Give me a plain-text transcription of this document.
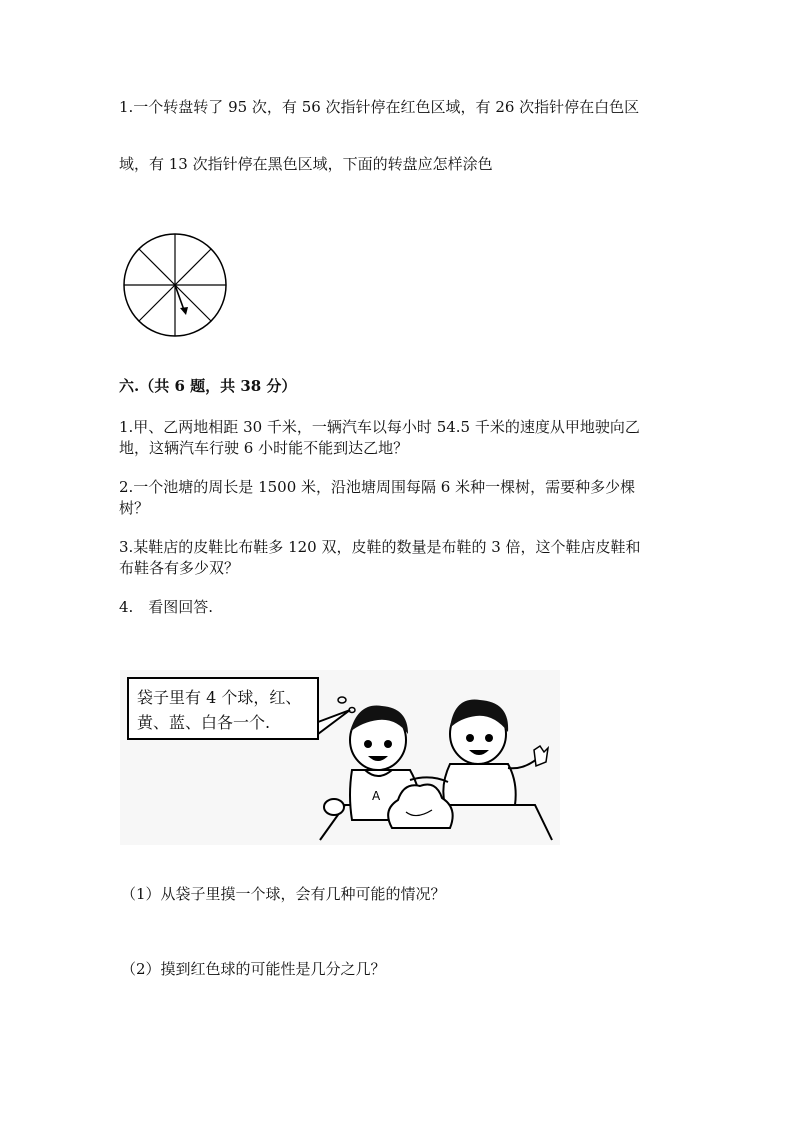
1.一个转盘转了 95 次，有 56 次指针停在红色区域，有 26 次指针停在白色区
域，有 13 次指针停在黑色区域，下面的转盘应怎样涂色
六.（共 6 题，共 38 分）
1.甲、乙两地相距 30 千米，一辆汽车以每小时 54.5 千米的速度从甲地驶向乙
地，这辆汽车行驶 6 小时能不能到达乙地？
2.一个池塘的周长是 1500 米，沿池塘周围每隔 6 米种一棵树，需要种多少棵
树？
3.某鞋店的皮鞋比布鞋多 120 双，皮鞋的数量是布鞋的 3 倍，这个鞋店皮鞋和
布鞋各有多少双？
4.　看图回答.
A
袋子里有 4 个球，红、
黄、蓝、白各一个.
（1）从袋子里摸一个球，会有几种可能的情况？
（2）摸到红色球的可能性是几分之几？
